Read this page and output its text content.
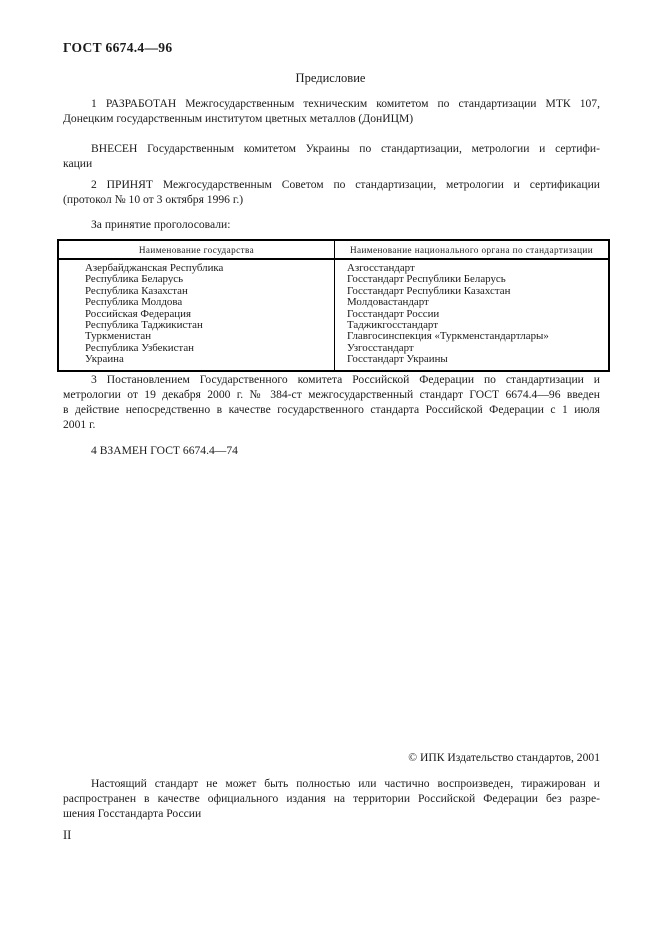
ГОСТ 6674.4—96
Предисловие
1 РАЗРАБОТАН Межгосударственным техническим комитетом по стандартизации МТК 107,
Донецким государственным институтом цветных металлов (ДонИЦМ)
ВНЕСЕН Государственным комитетом Украины по стандартизации, метрологии и сертифи-
кации
2 ПРИНЯТ Межгосударственным Советом по стандартизации, метрологии и сертификации
(протокол № 10 от 3 октября 1996 г.)
За принятие проголосовали:
Наименование государства	Наименование национального органа по стандартизации
Азербайджанская Республика	Азгосстандарт
Республика Беларусь	Госстандарт Республики Беларусь
Республика Казахстан	Госстандарт Республики Казахстан
Республика Молдова	Молдовастандарт
Российская Федерация	Госстандарт России
Республика Таджикистан	Таджикгосстандарт
Туркменистан	Главгосинспекция «Туркменстандартлары»
Республика Узбекистан	Узгосстандарт
Украина	Госстандарт Украины
3 Постановлением Государственного комитета Российской Федерации по стандартизации и
метрологии от 19 декабря 2000 г. № 384-ст межгосударственный стандарт ГОСТ 6674.4—96 введен
в действие непосредственно в качестве государственного стандарта Российской Федерации с 1 июля
2001 г.
4 ВЗАМЕН ГОСТ 6674.4—74
© ИПК Издательство стандартов, 2001
Настоящий стандарт не может быть полностью или частично воспроизведен, тиражирован и
распространен в качестве официального издания на территории Российской Федерации без разре-
шения Госстандарта России
II
